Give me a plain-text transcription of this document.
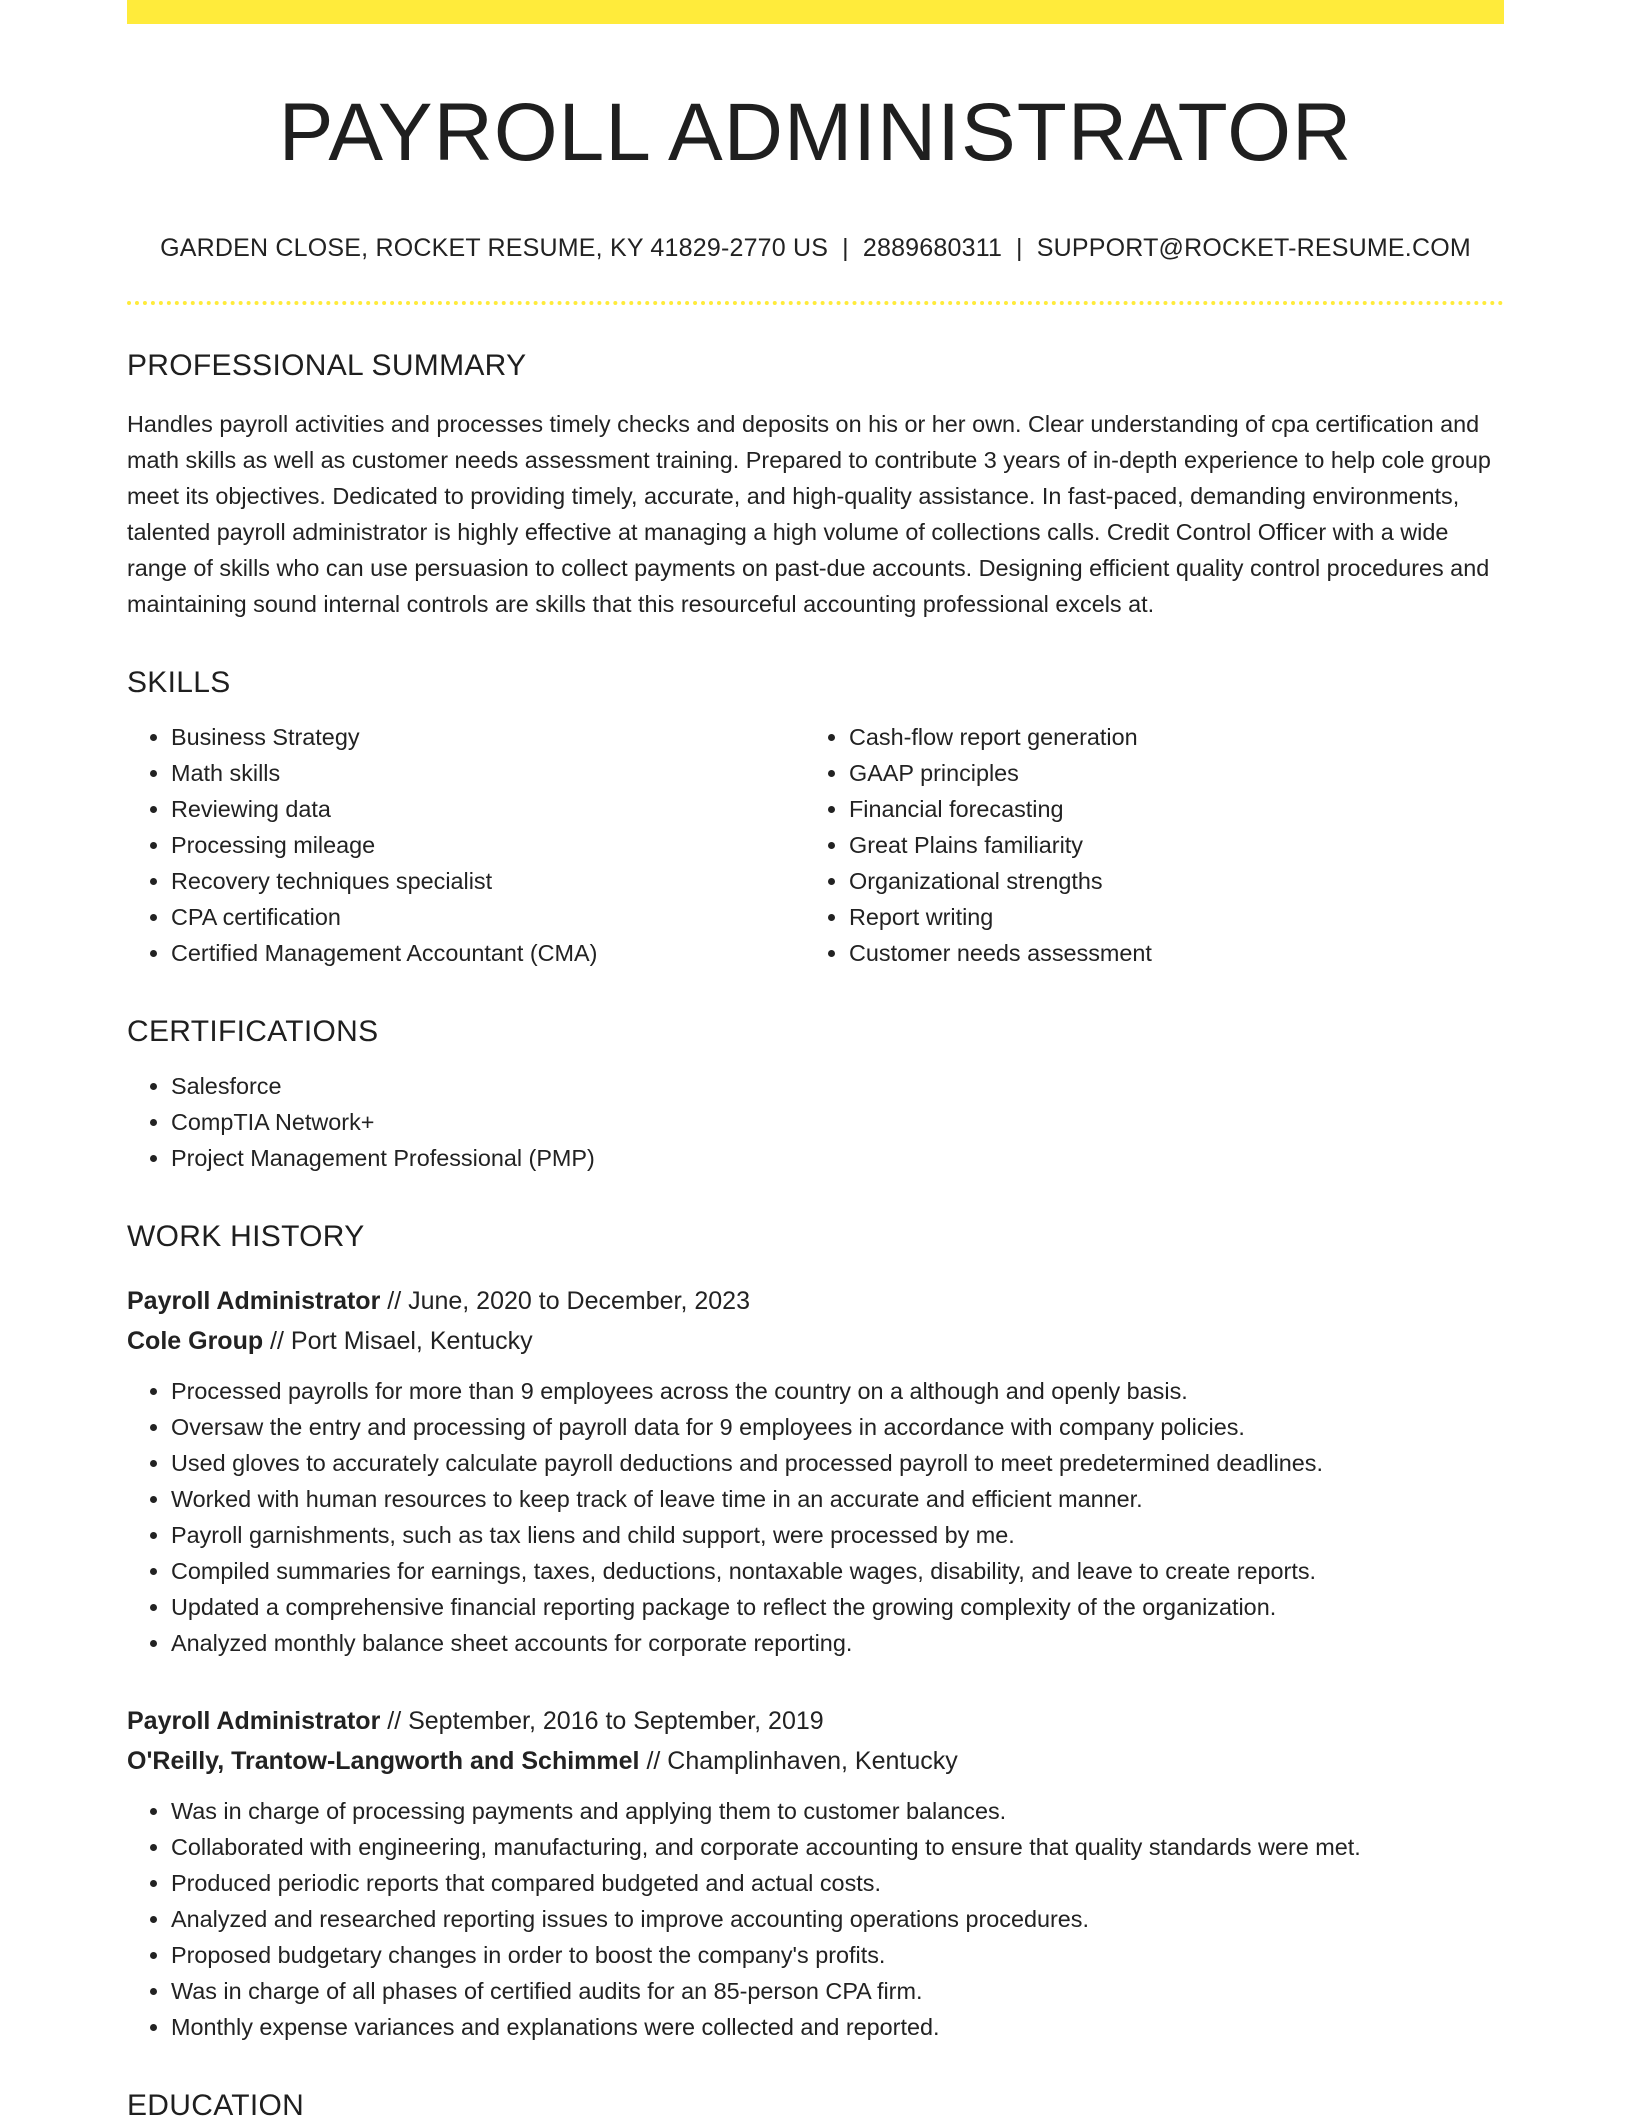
PAYROLL ADMINISTRATOR
GARDEN CLOSE, ROCKET RESUME, KY 41829-2770 US | 2889680311 | SUPPORT@ROCKET-RESUME.COM
PROFESSIONAL SUMMARY

Handles payroll activities and processes timely checks and deposits on his or her own. Clear understanding of cpa certification and math skills as well as customer needs assessment training. Prepared to contribute 3 years of in-depth experience to help cole group meet its objectives. Dedicated to providing timely, accurate, and high-quality assistance. In fast-paced, demanding environments, talented payroll administrator is highly effective at managing a high volume of collections calls. Credit Control Officer with a wide range of skills who can use persuasion to collect payments on past-due accounts. Designing efficient quality control procedures and maintaining sound internal controls are skills that this resourceful accounting professional excels at.

SKILLS
• Business Strategy
• Math skills
• Reviewing data
• Processing mileage
• Recovery techniques specialist
• CPA certification
• Certified Management Accountant (CMA)
• Cash-flow report generation
• GAAP principles
• Financial forecasting
• Great Plains familiarity
• Organizational strengths
• Report writing
• Customer needs assessment
CERTIFICATIONS
• Salesforce
• CompTIA Network+
• Project Management Professional (PMP)
WORK HISTORY
Payroll Administrator // June, 2020 to December, 2023
Cole Group // Port Misael, Kentucky
• Processed payrolls for more than 9 employees across the country on a although and openly basis.
• Oversaw the entry and processing of payroll data for 9 employees in accordance with company policies.
• Used gloves to accurately calculate payroll deductions and processed payroll to meet predetermined deadlines.
• Worked with human resources to keep track of leave time in an accurate and efficient manner.
• Payroll garnishments, such as tax liens and child support, were processed by me.
• Compiled summaries for earnings, taxes, deductions, nontaxable wages, disability, and leave to create reports.
• Updated a comprehensive financial reporting package to reflect the growing complexity of the organization.
• Analyzed monthly balance sheet accounts for corporate reporting.
Payroll Administrator // September, 2016 to September, 2019
O'Reilly, Trantow-Langworth and Schimmel // Champlinhaven, Kentucky
• Was in charge of processing payments and applying them to customer balances.
• Collaborated with engineering, manufacturing, and corporate accounting to ensure that quality standards were met.
• Produced periodic reports that compared budgeted and actual costs.
• Analyzed and researched reporting issues to improve accounting operations procedures.
• Proposed budgetary changes in order to boost the company's profits.
• Was in charge of all phases of certified audits for an 85-person CPA firm.
• Monthly expense variances and explanations were collected and reported.
EDUCATION
